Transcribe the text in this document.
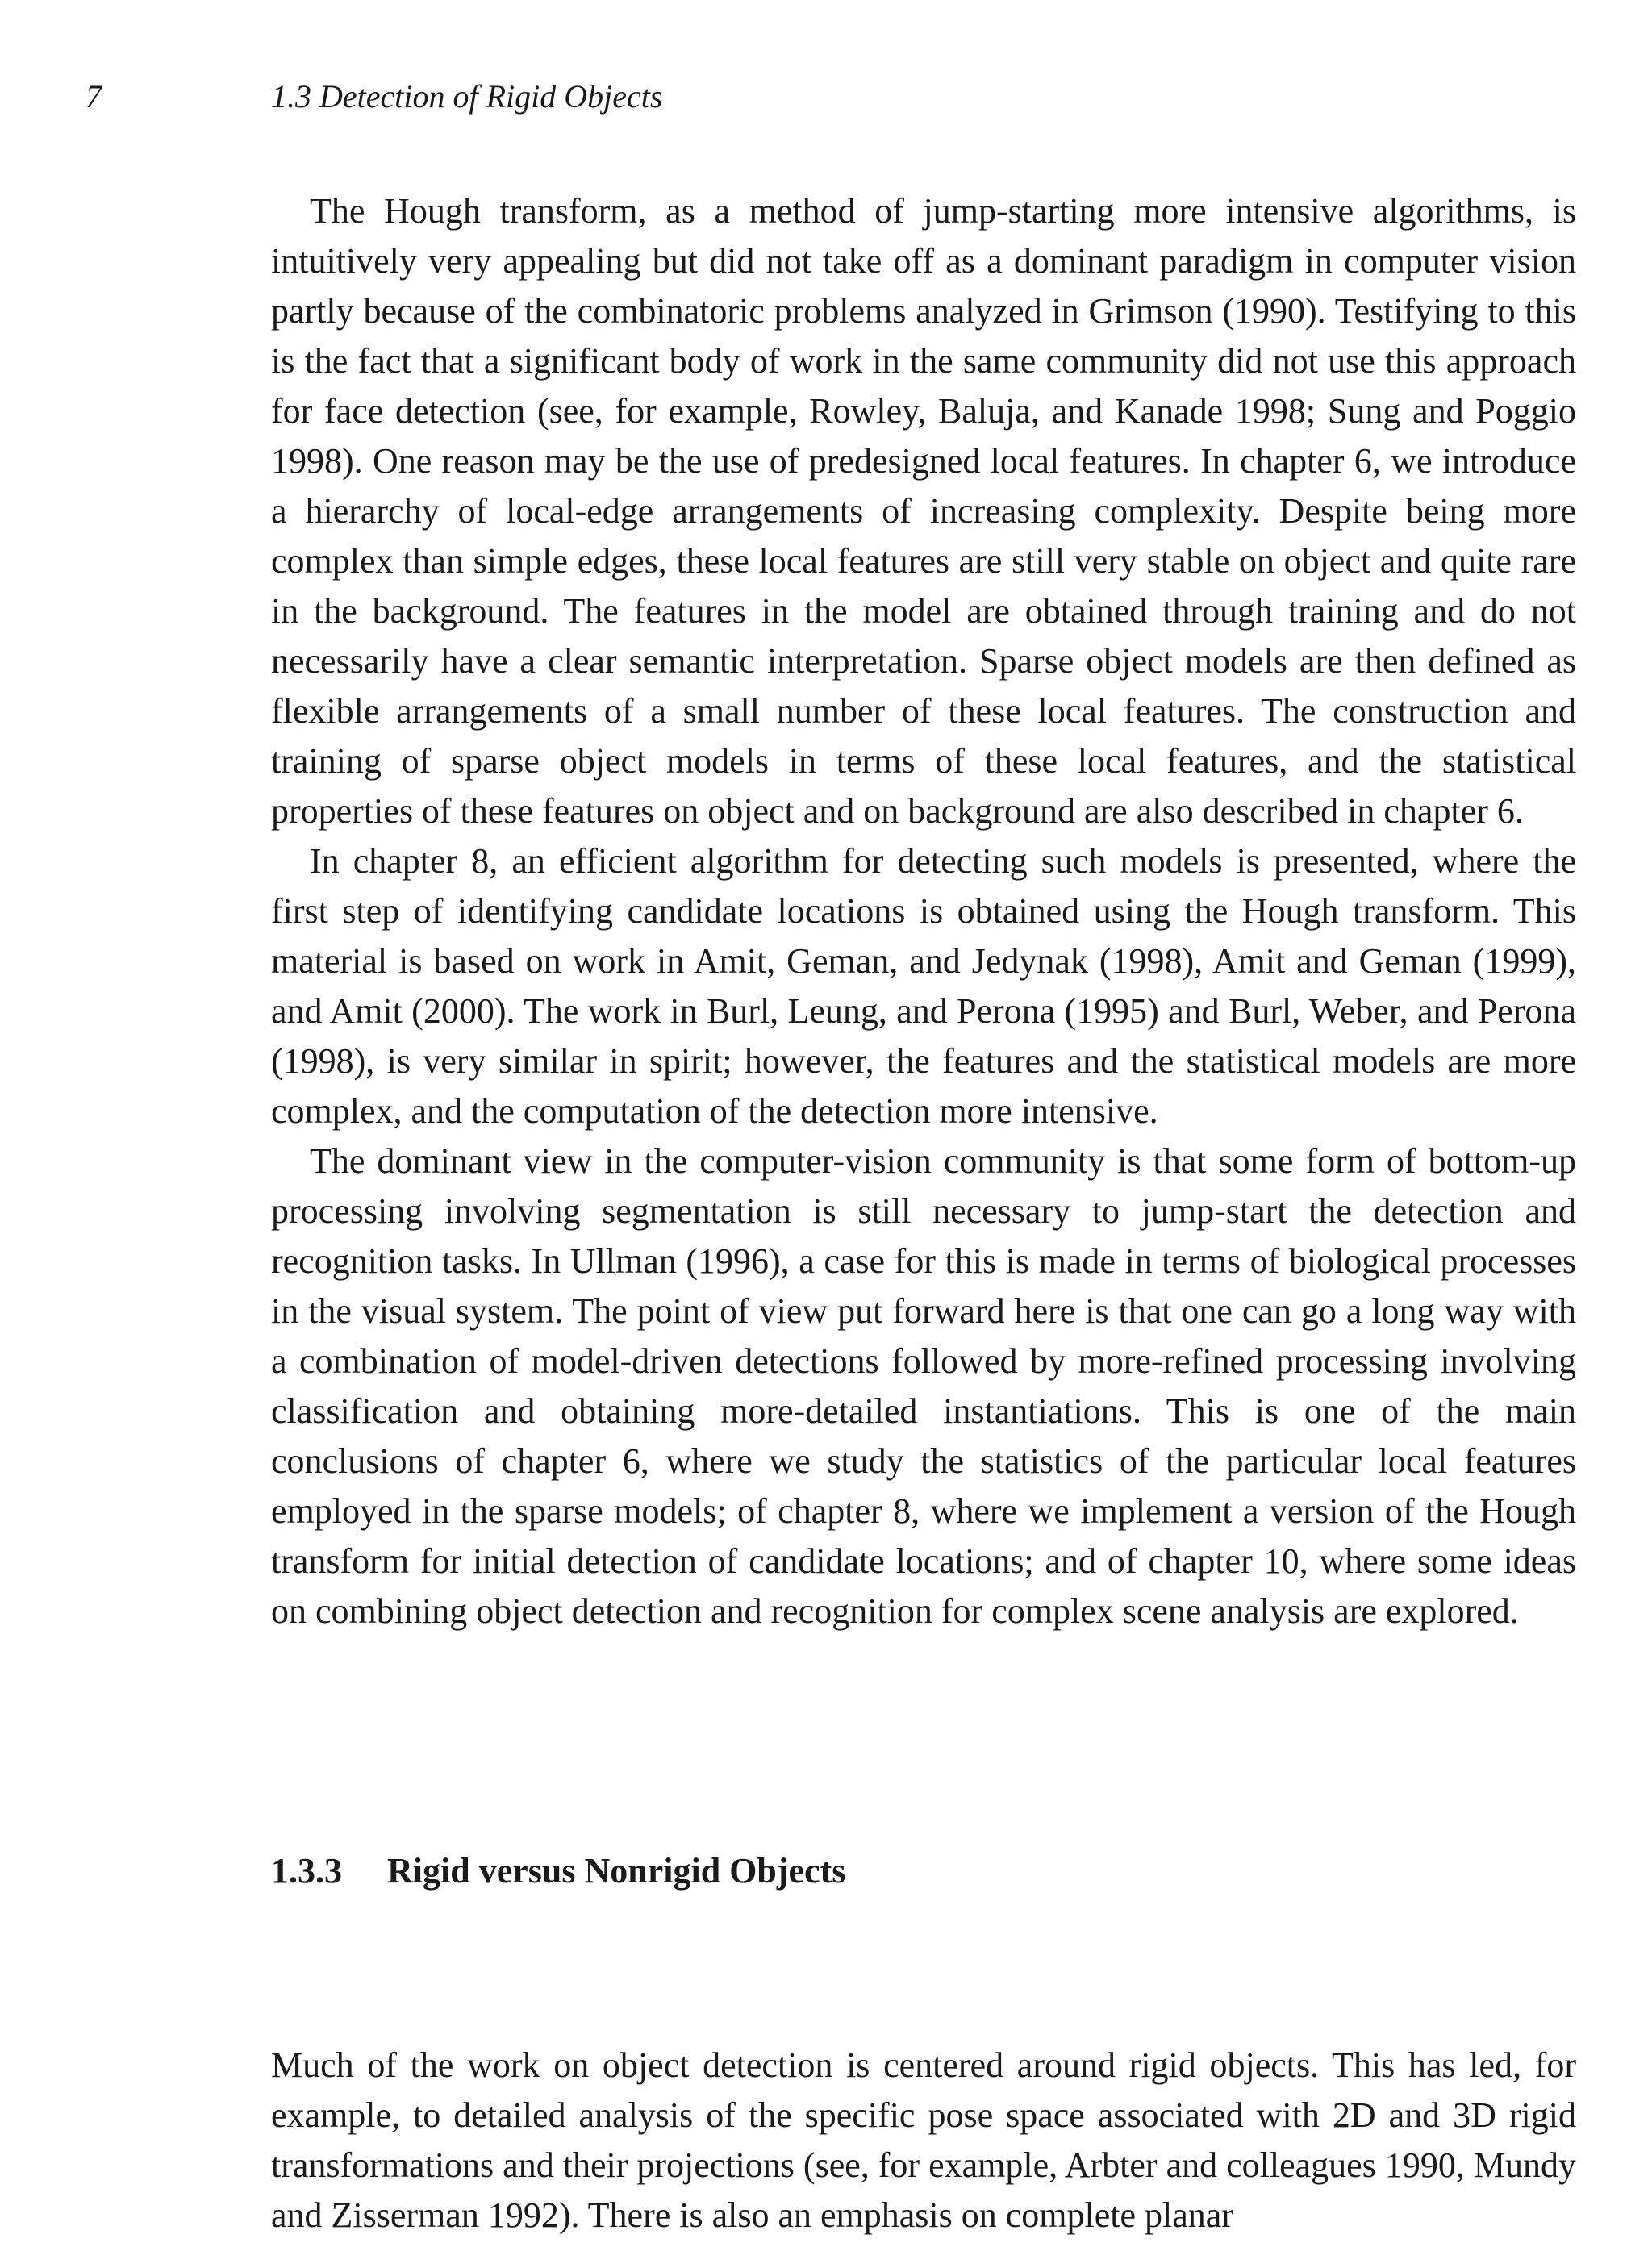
7	1.3 Detection of Rigid Objects

The Hough transform, as a method of jump-starting more intensive algorithms, is intuitively very appealing but did not take off as a dominant paradigm in computer vision partly because of the combinatoric problems analyzed in Grimson (1990). Testifying to this is the fact that a significant body of work in the same community did not use this approach for face detection (see, for example, Rowley, Baluja, and Kanade 1998; Sung and Poggio 1998). One reason may be the use of predesigned local features. In chapter 6, we introduce a hierarchy of local-edge arrangements of increasing complexity. Despite being more complex than simple edges, these local features are still very stable on object and quite rare in the background. The features in the model are obtained through training and do not necessarily have a clear semantic interpretation. Sparse object models are then defined as flexible arrangements of a small number of these local features. The construction and training of sparse object models in terms of these local features, and the statistical properties of these features on object and on background are also described in chapter 6.

In chapter 8, an efficient algorithm for detecting such models is presented, where the first step of identifying candidate locations is obtained using the Hough transform. This material is based on work in Amit, Geman, and Jedynak (1998), Amit and Geman (1999), and Amit (2000). The work in Burl, Leung, and Perona (1995) and Burl, Weber, and Perona (1998), is very similar in spirit; however, the features and the statistical models are more complex, and the computation of the detection more intensive.

The dominant view in the computer-vision community is that some form of bottom-up processing involving segmentation is still necessary to jump-start the detection and recognition tasks. In Ullman (1996), a case for this is made in terms of biological processes in the visual system. The point of view put forward here is that one can go a long way with a combination of model-driven detections followed by more-refined processing involving classification and obtaining more-detailed instantiations. This is one of the main conclusions of chapter 6, where we study the statistics of the particular local features employed in the sparse models; of chapter 8, where we implement a version of the Hough transform for initial detection of candidate locations; and of chapter 10, where some ideas on combining object detection and recognition for complex scene analysis are explored.

1.3.3 Rigid versus Nonrigid Objects

Much of the work on object detection is centered around rigid objects. This has led, for example, to detailed analysis of the specific pose space associated with 2D and 3D rigid transformations and their projections (see, for example, Arbter and colleagues 1990, Mundy and Zisserman 1992). There is also an emphasis on complete planar
